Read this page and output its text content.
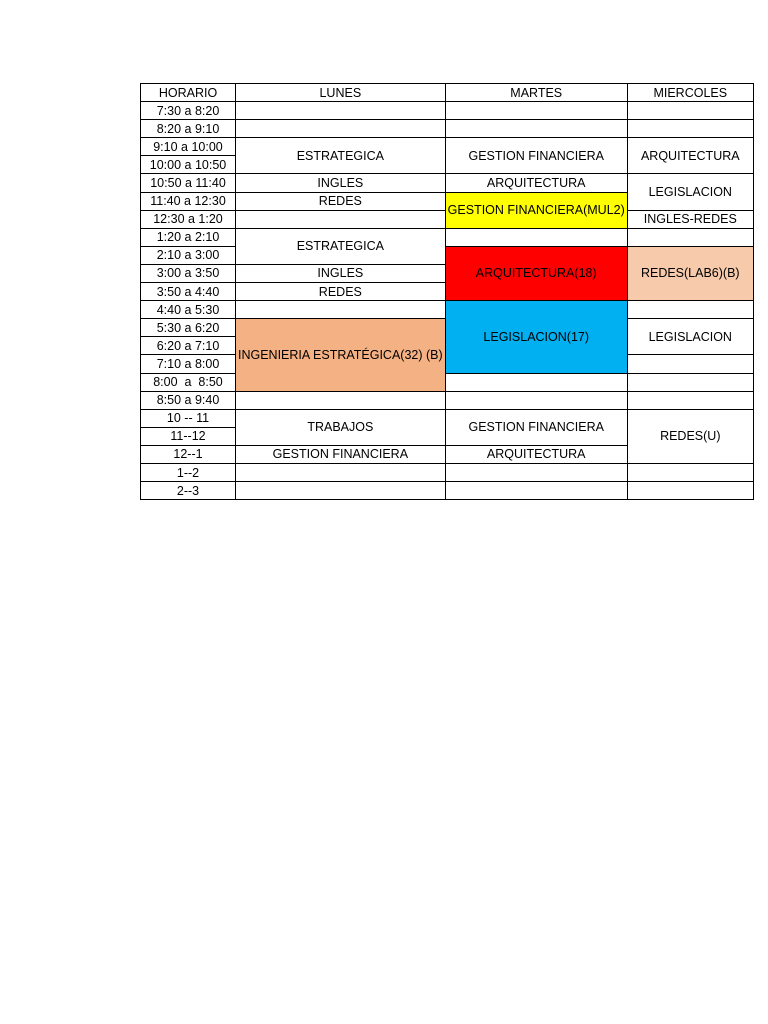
HORARIO	LUNES	MARTES	MIERCOLES
7:30 a 8:20			
8:20 a 9:10			
9:10 a 10:00	ESTRATEGICA	GESTION FINANCIERA	ARQUITECTURA
10:00 a 10:50			
10:50 a 11:40	INGLES	ARQUITECTURA	LEGISLACION
11:40 a 12:30	REDES	GESTION FINANCIERA(MUL2)	
12:30 a 1:20			INGLES-REDES
1:20 a 2:10	ESTRATEGICA		
2:10 a 3:00		ARQUITECTURA(18)	REDES(LAB6)(B)
3:00 a 3:50	INGLES		
3:50 a 4:40	REDES		
4:40 a 5:30		LEGISLACION(17)	
5:30 a 6:20	INGENIERIA ESTRATÉGICA(32) (B)		LEGISLACION
6:20 a 7:10			
7:10 a 8:00			
8:00  a  8:50			
8:50 a 9:40			
10 -- 11	TRABAJOS	GESTION FINANCIERA	REDES(U)
11--12			
12--1	GESTION FINANCIERA	ARQUITECTURA	
1--2			
2--3			
